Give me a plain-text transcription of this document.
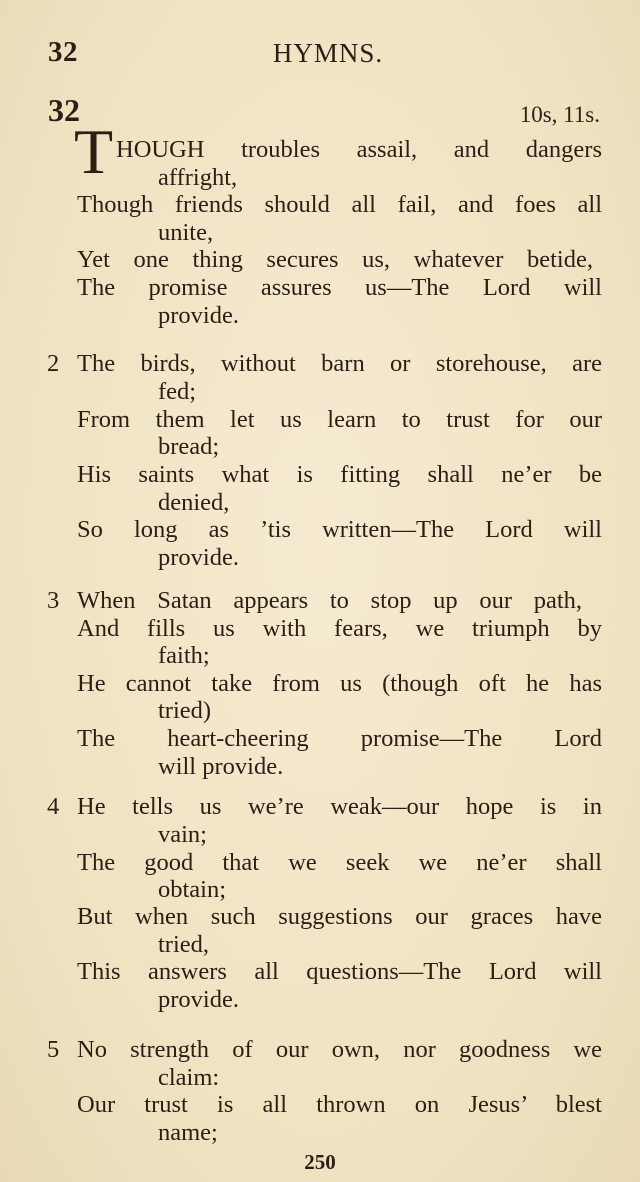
32	HYMNS.
32	10s, 11s.
T HOUGH troubles assail, and dangers
affright,
Though friends should all fail, and foes all
unite,
Yet one thing secures us, whatever betide,
The promise assures us—The Lord will
provide.
2 The birds, without barn or storehouse, are
fed;
From them let us learn to trust for our
bread;
His saints what is fitting shall ne’er be
denied,
So long as ’tis written—The Lord will
provide.
3 When Satan appears to stop up our path,
And fills us with fears, we triumph by
faith;
He cannot take from us (though oft he has
tried)
The heart-cheering promise—The Lord
will provide.
4 He tells us we’re weak—our hope is in
vain;
The good that we seek we ne’er shall
obtain;
But when such suggestions our graces have
tried,
This answers all questions—The Lord will
provide.
5 No strength of our own, nor goodness we
claim:
Our trust is all thrown on Jesus’ blest
name;
250
